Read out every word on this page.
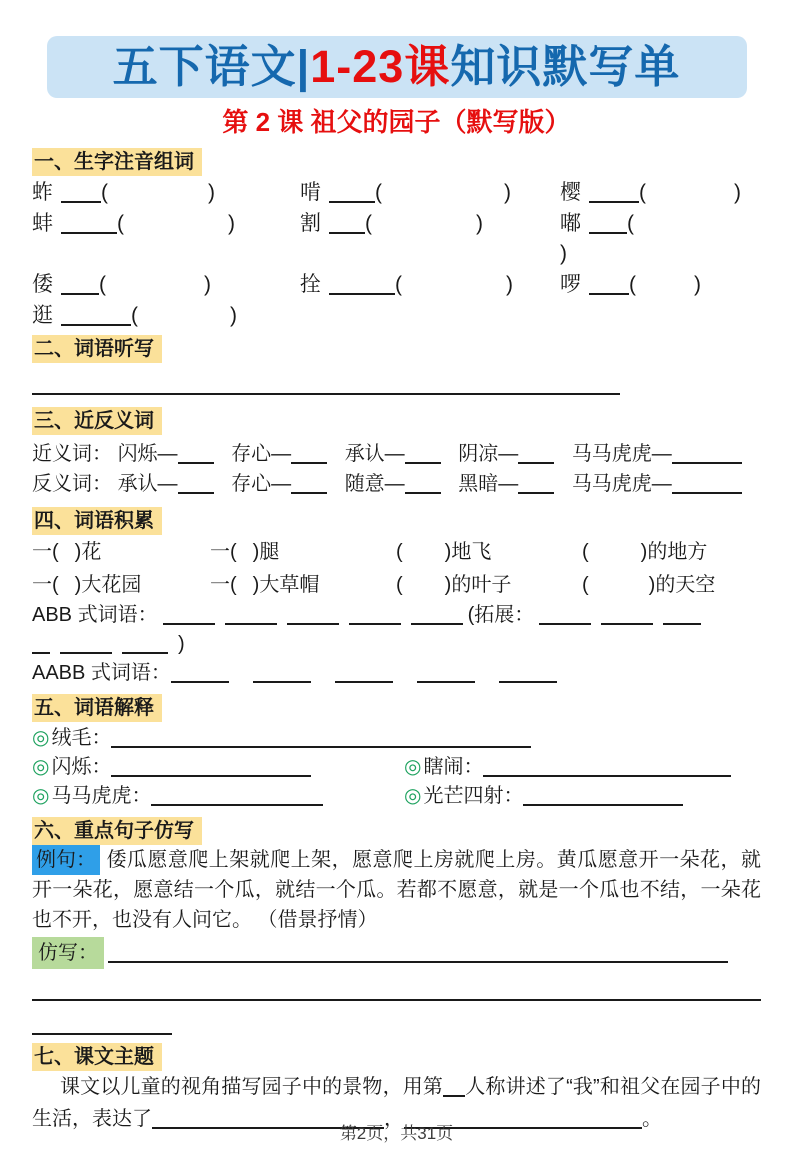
五下语文|1-23课知识默写单
第 2 课 祖父的园子（默写版）
一、生字注音组词
蚱 (	)	啃	(	)	樱	(	)
蚌	(	)	割 (	)	嘟 ()
倭 (	)	拴	(	)	啰 (	)
逛	(	)
二、词语听写
三、近反义词
近义词： 闪烁—	存心—	承认—	阴凉—	马马虎虎—
反义词： 承认—	存心—	随意—	黑暗—	马马虎虎—
四、词语积累
一( )花	一( )腿	( )地飞	(	)的地方
一( )大花园	一( )大草帽	( )的叶子	(	)的天空
ABB 式词语：	(拓展：
)
AABB 式词语：
五、词语解释
◎ 绒毛：
◎ 闪烁：	◎ 瞎闹：
◎ 马马虎虎：	◎ 光芒四射：
六、重点句子仿写

例句： 倭瓜愿意爬上架就爬上架，愿意爬上房就爬上房。黄瓜愿意开一朵花，就开一朵花，愿意结一个瓜，就结一个瓜。若都不愿意，就是一个瓜也不结，一朵花也不开，也没有人问它。 （借景抒情）

仿写：
七、课文主题

课文以儿童的视角描写园子中的景物，用第 人称讲述了“我”和祖父在园子中的生活，表达了	，	。

第2页，共31页
